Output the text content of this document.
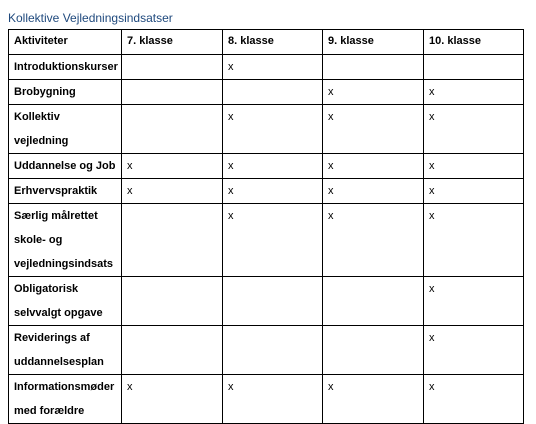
Kollektive Vejledningsindsatser
Aktiviteter	7. klasse	8. klasse	9. klasse	10. klasse
Introduktionskurser		x		
Brobygning			x	x
Kollektiv vejledning		x	x	x
Uddannelse og Job	x	x	x	x
Erhvervspraktik	x	x	x	x
Særlig målrettet skole- og vejledningsindsats		x	x	x
Obligatorisk selvvalgt opgave				x
Reviderings af uddannelsesplan				x
Informationsmøder med forældre	x	x	x	x
